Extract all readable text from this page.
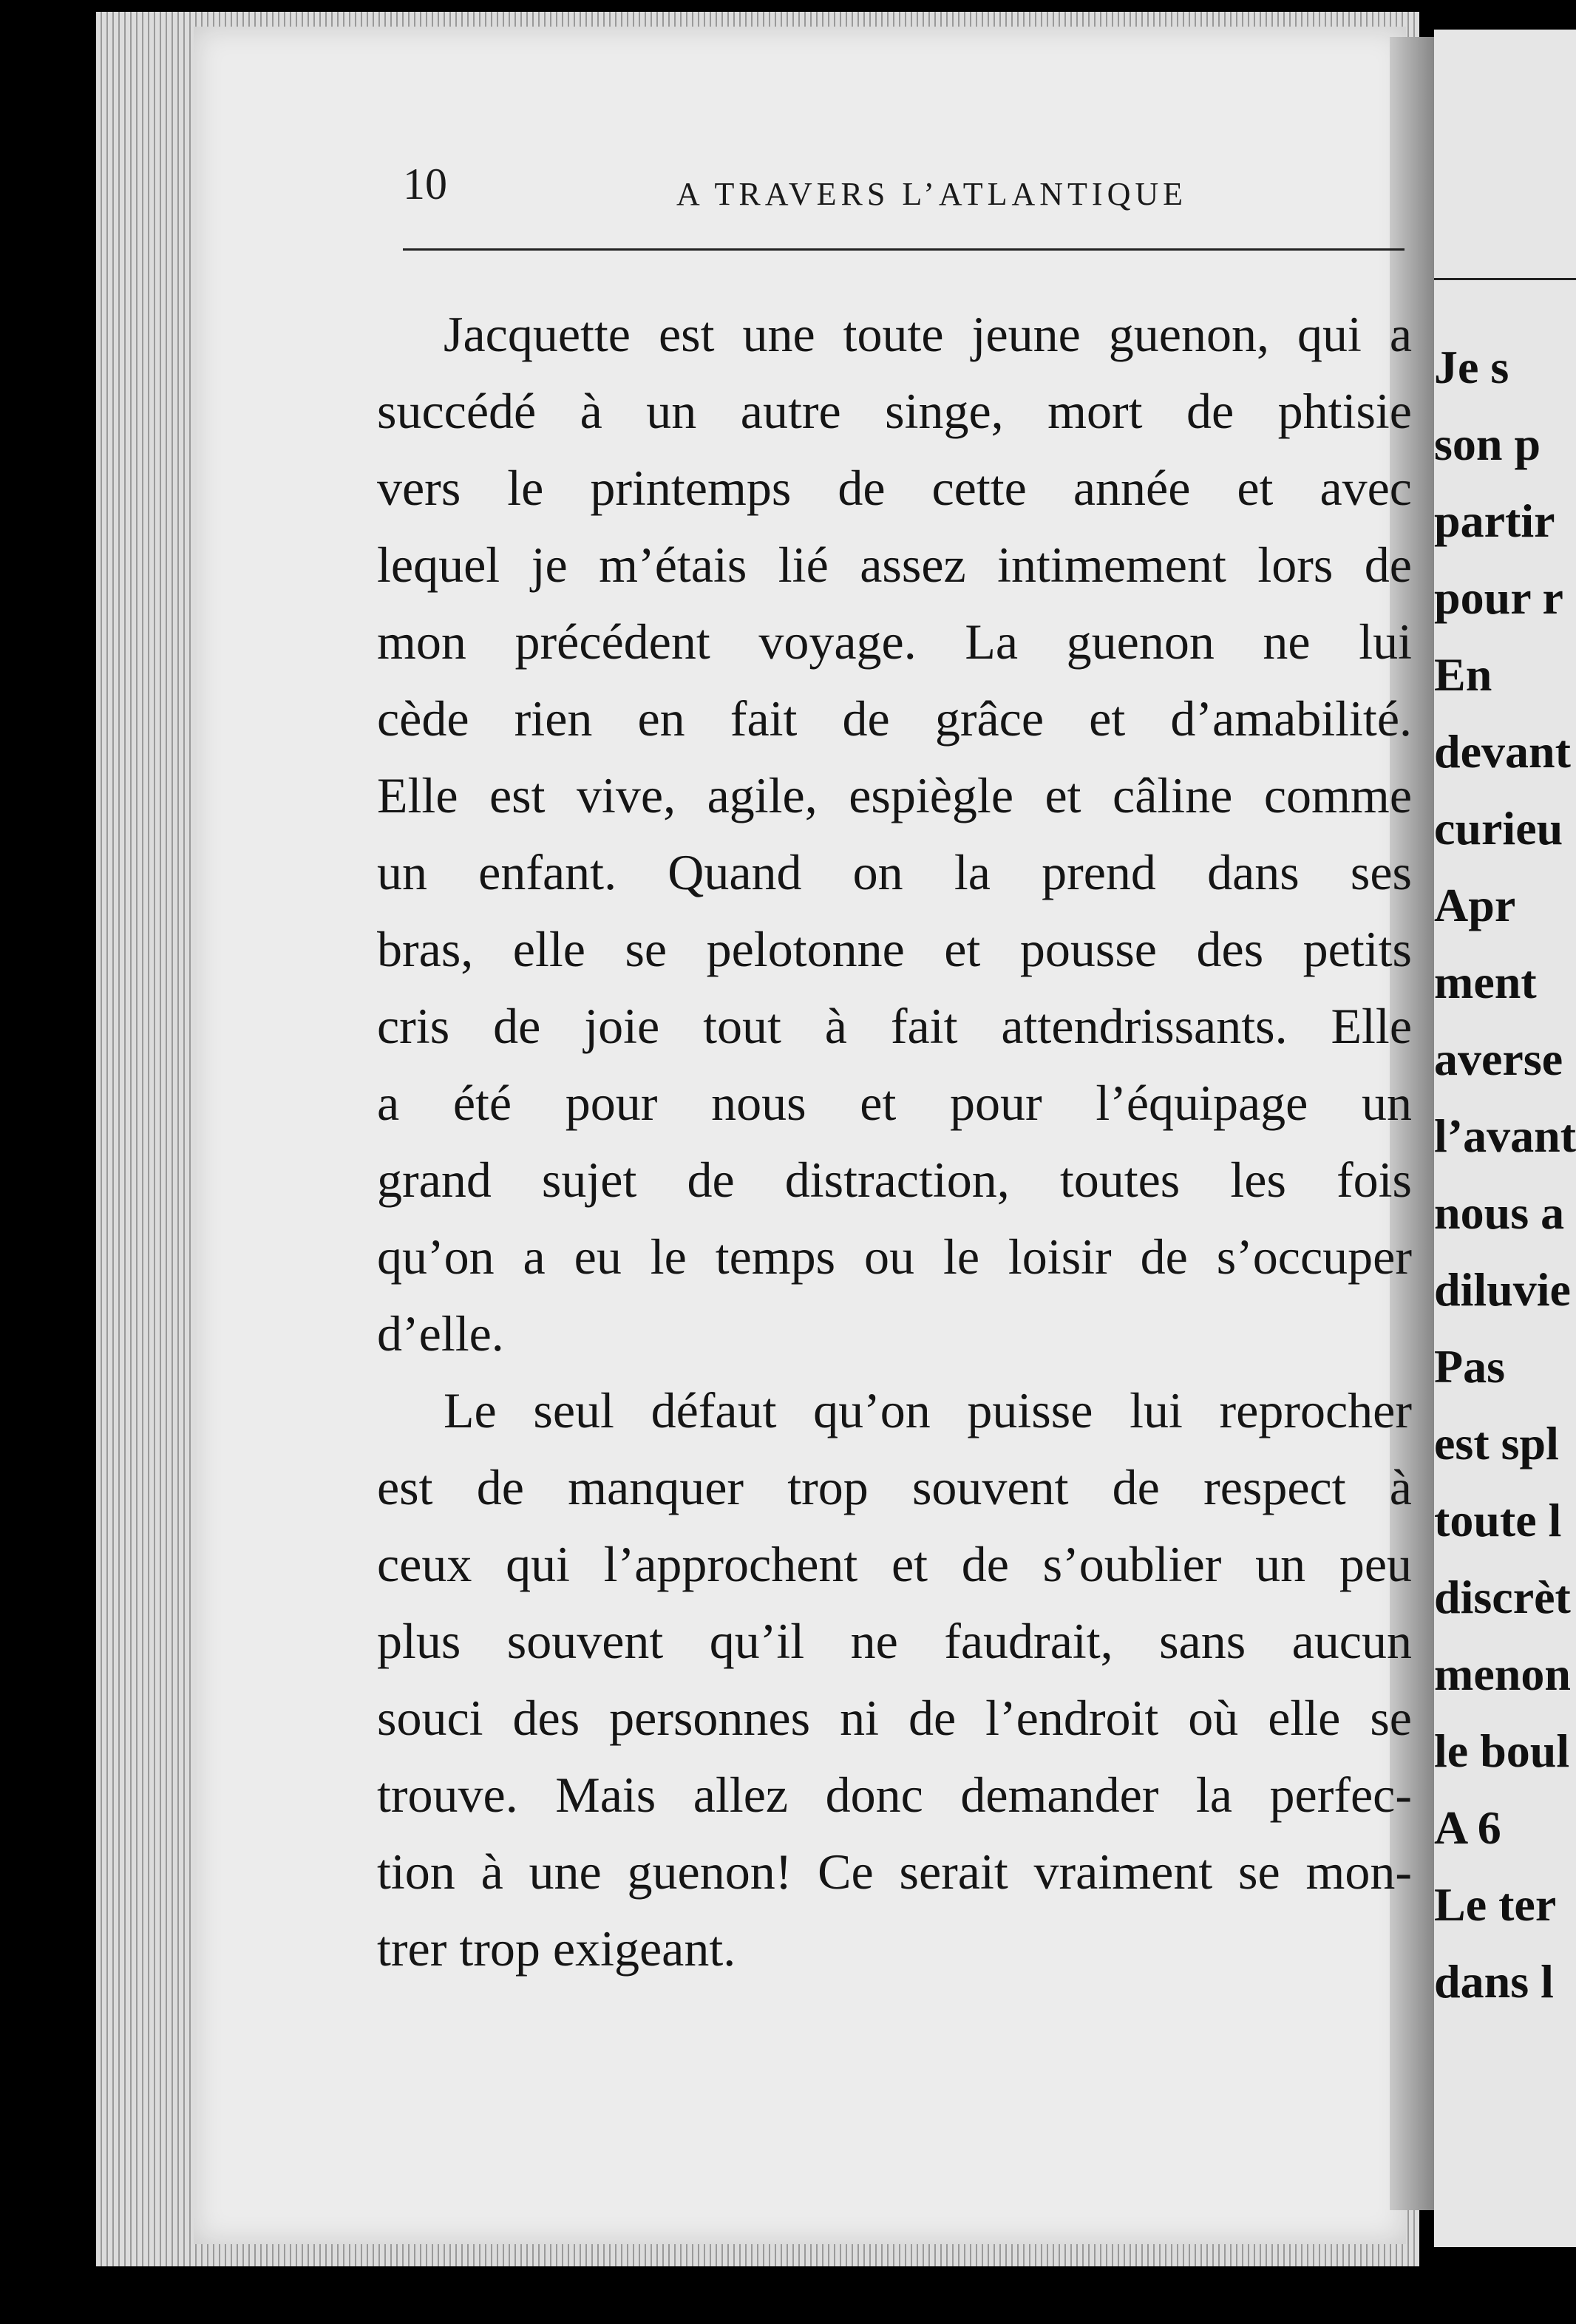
Je s
son p
partir
pour r
En
devant
curieu
Apr
ment
averse
l’avant
nous a
diluvie
Pas
est spl
toute l
discrèt
menon
le boul
A 6
Le ter
dans l
10	A TRAVERS L’ATLANTIQUE
Jacquette est une toute jeune guenon, qui a
succédé à un autre singe, mort de phtisie
vers le printemps de cette année et avec
lequel je m’étais lié assez intimement lors de
mon précédent voyage. La guenon ne lui
cède rien en fait de grâce et d’amabilité.
Elle est vive, agile, espiègle et câline comme
un enfant. Quand on la prend dans ses
bras, elle se pelotonne et pousse des petits
cris de joie tout à fait attendrissants. Elle
a été pour nous et pour l’équipage un
grand sujet de distraction, toutes les fois
qu’on a eu le temps ou le loisir de s’occuper
d’elle.
Le seul défaut qu’on puisse lui reprocher
est de manquer trop souvent de respect à
ceux qui l’approchent et de s’oublier un peu
plus souvent qu’il ne faudrait, sans aucun
souci des personnes ni de l’endroit où elle se
trouve. Mais allez donc demander la perfec-
tion à une guenon! Ce serait vraiment se mon-
trer trop exigeant.
